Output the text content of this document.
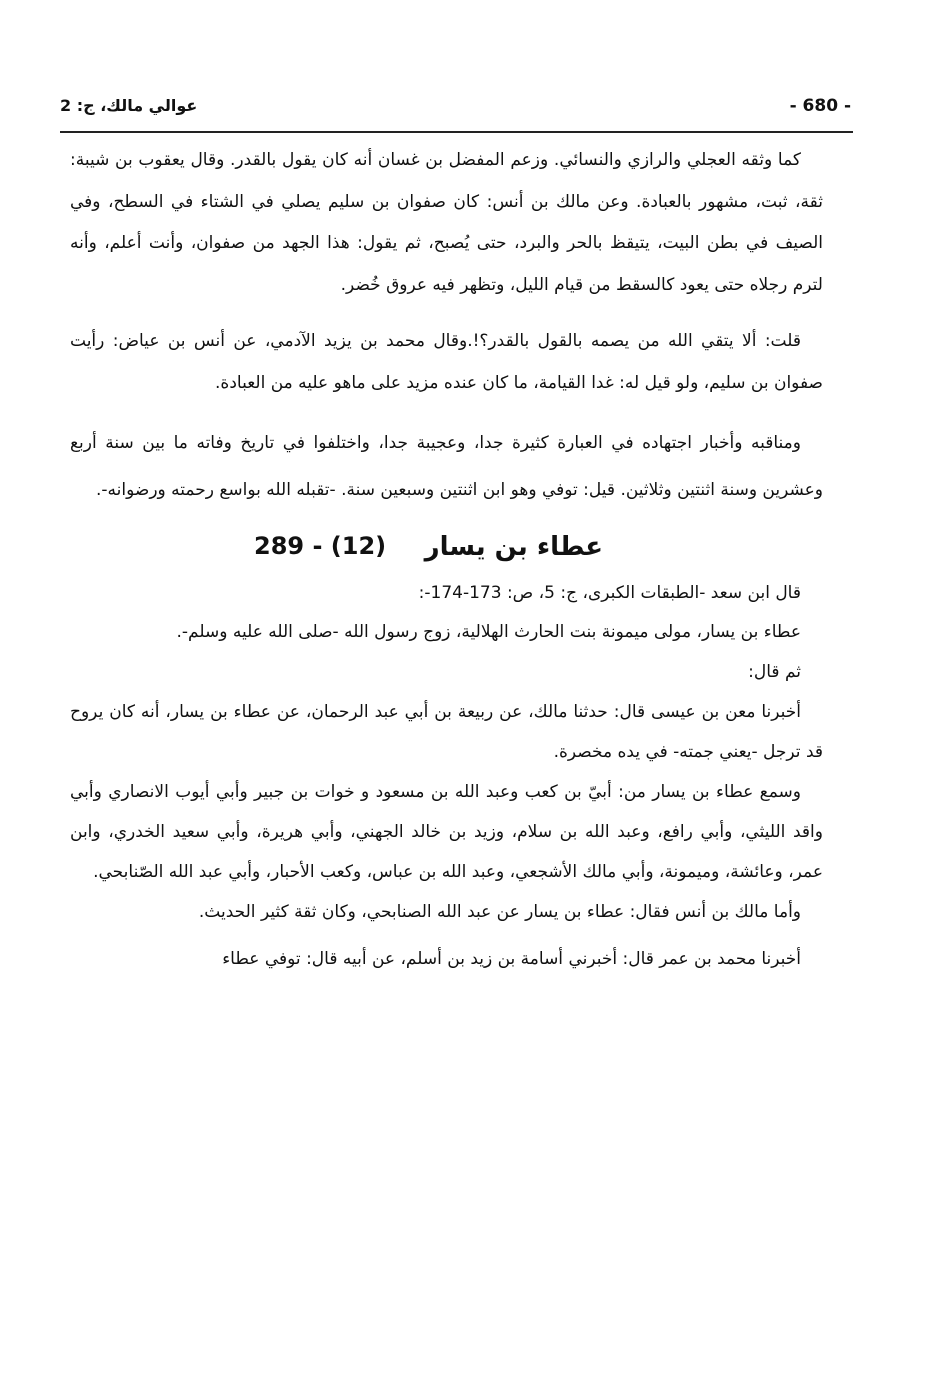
- 680 -
عوالي مالك، ج: 2

كما وثقه العجلي والرازي والنسائي. وزعم المفضل بن غسان أنه كان يقول بالقدر. وقال يعقوب بن شيبة: ثقة، ثبت، مشهور بالعبادة. وعن مالك بن أنس: كان صفوان بن سليم يصلي في الشتاء في السطح، وفي الصيف في بطن البيت، يتيقظ بالحر والبرد، حتى يُصبح، ثم يقول: هذا الجهد من صفوان، وأنت أعلم، وأنه لترم رجلاه حتى يعود كالسقط من قيام الليل، وتظهر فيه عروق خُضر.

قلت: ألا يتقي الله من يصمه بالقول بالقدر؟!.وقال محمد بن يزيد الآدمي، عن أنس بن عياض: رأيت صفوان بن سليم، ولو قيل له: غدا القيامة، ما كان عنده مزيد على ماهو عليه من العبادة.

ومناقبه وأخبار اجتهاده في العبارة كثيرة جدا، وعجيبة جدا، واختلفوا في تاريخ وفاته ما بين سنة أربع وعشرين وسنة اثنتين وثلاثين. قيل: توفي وهو ابن اثنتين وسبعين سنة. -تقبله الله بواسع رحمته ورضوانه-.

289 - (12) عطاء بن يسار

قال ابن سعد -الطبقات الكبرى، ج: 5، ص: 173-174-:

عطاء بن يسار، مولى ميمونة بنت الحارث الهلالية، زوج رسول الله -صلى الله عليه وسلم-.

ثم قال:

أخبرنا معن بن عيسى قال: حدثنا مالك، عن ربيعة بن أبي عبد الرحمان، عن عطاء بن يسار، أنه كان يروح قد ترجل -يعني جمته- في يده مخصرة.

وسمع عطاء بن يسار من: أبيّ بن كعب وعبد الله بن مسعود و خوات بن جبير وأبي أيوب الانصاري وأبي واقد الليثي، وأبي رافع، وعبد الله بن سلام، وزيد بن خالد الجهني، وأبي هريرة، وأبي سعيد الخدري، وابن عمر، وعائشة، وميمونة، وأبي مالك الأشجعي، وعبد الله بن عباس، وكعب الأحبار، وأبي عبد الله الصّنابحي.

وأما مالك بن أنس فقال: عطاء بن يسار عن عبد الله الصنابحي، وكان ثقة كثير الحديث.

أخبرنا محمد بن عمر قال: أخبرني أسامة بن زيد بن أسلم، عن أبيه قال: توفي عطاء
